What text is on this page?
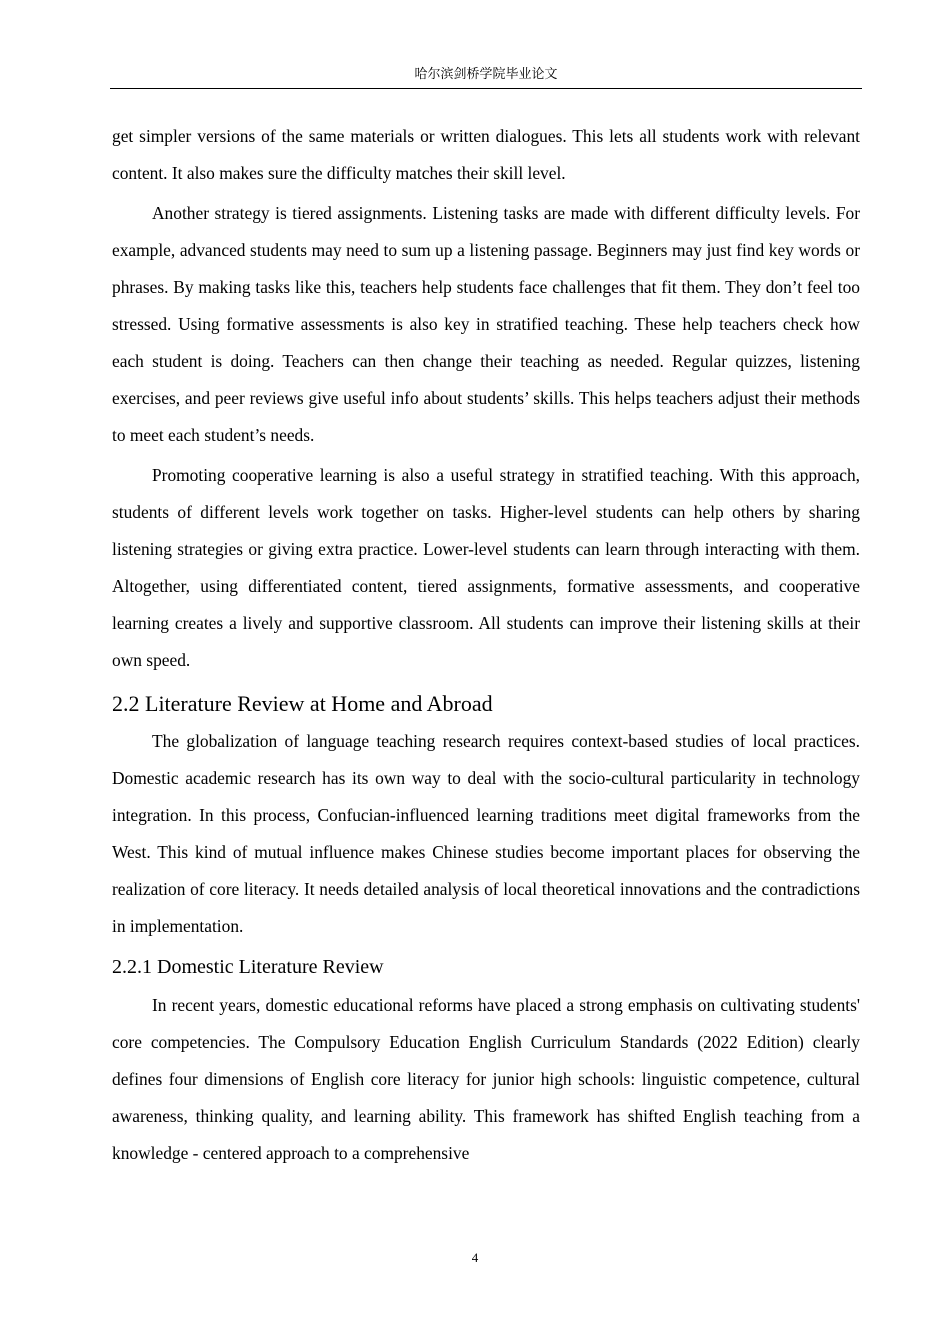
哈尔滨剑桥学院毕业论文

get simpler versions of the same materials or written dialogues. This lets all students work with relevant content. It also makes sure the difficulty matches their skill level.

Another strategy is tiered assignments. Listening tasks are made with different difficulty levels. For example, advanced students may need to sum up a listening passage. Beginners may just find key words or phrases. By making tasks like this, teachers help students face challenges that fit them. They don’t feel too stressed. Using formative assessments is also key in stratified teaching. These help teachers check how each student is doing. Teachers can then change their teaching as needed. Regular quizzes, listening exercises, and peer reviews give useful info about students’ skills. This helps teachers adjust their methods to meet each student’s needs.

Promoting cooperative learning is also a useful strategy in stratified teaching. With this approach, students of different levels work together on tasks. Higher-level students can help others by sharing listening strategies or giving extra practice. Lower-level students can learn through interacting with them. Altogether, using differentiated content, tiered assignments, formative assessments, and cooperative learning creates a lively and supportive classroom. All students can improve their listening skills at their own speed.

2.2 Literature Review at Home and Abroad

The globalization of language teaching research requires context-based studies of local practices. Domestic academic research has its own way to deal with the socio-cultural particularity in technology integration. In this process, Confucian-influenced learning traditions meet digital frameworks from the West. This kind of mutual influence makes Chinese studies become important places for observing the realization of core literacy. It needs detailed analysis of local theoretical innovations and the contradictions in implementation.

2.2.1 Domestic Literature Review

In recent years, domestic educational reforms have placed a strong emphasis on cultivating students' core competencies. The Compulsory Education English Curriculum Standards (2022 Edition) clearly defines four dimensions of English core literacy for junior high schools: linguistic competence, cultural awareness, thinking quality, and learning ability. This framework has shifted English teaching from a knowledge - centered approach to a comprehensive

4
